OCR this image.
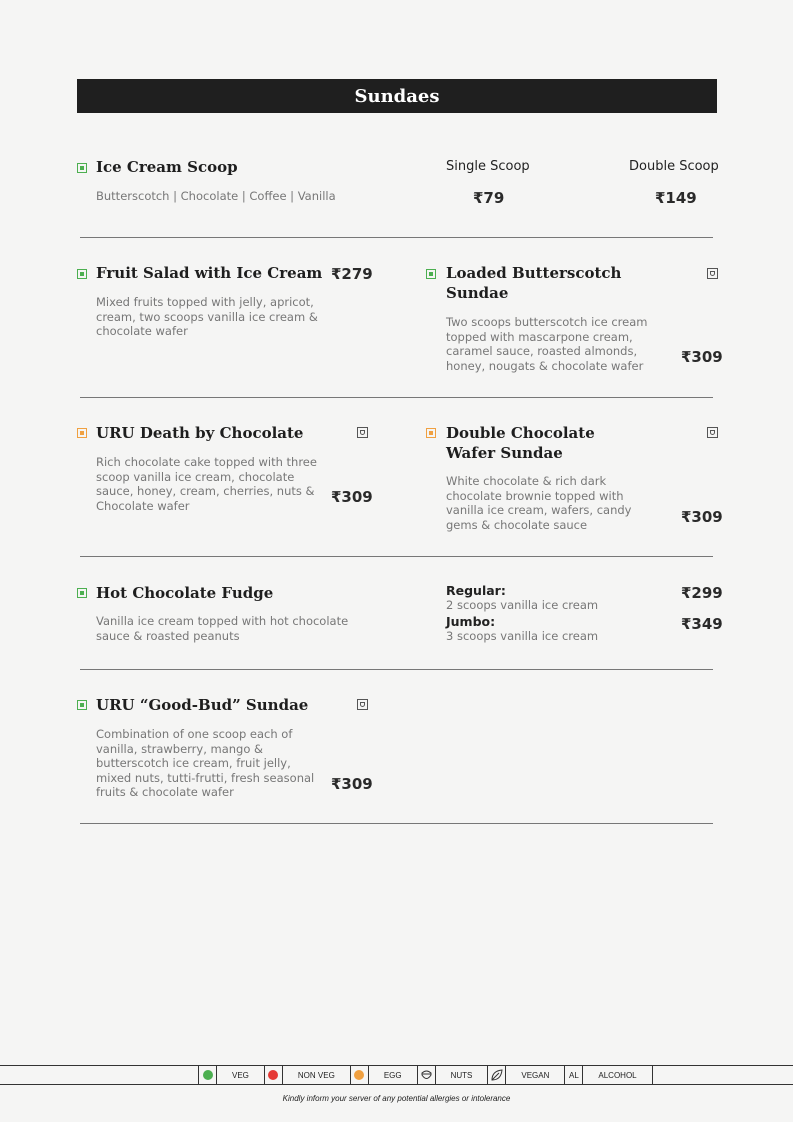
Sundaes
Ice Cream Scoop
Butterscotch | Chocolate | Coffee | Vanilla
Single Scoop	Double Scoop
₹79	₹149
Fruit Salad with Ice Cream ₹279
Mixed fruits topped with jelly, apricot, cream, two scoops vanilla ice cream & chocolate wafer
Loaded Butterscotch Sundae
Two scoops butterscotch ice cream topped with mascarpone cream, caramel sauce, roasted almonds, honey, nougats & chocolate wafer	₹309
URU Death by Chocolate
Rich chocolate cake topped with three scoop vanilla ice cream, chocolate sauce, honey, cream, cherries, nuts & Chocolate wafer	₹309
Double Chocolate Wafer Sundae
White chocolate & rich dark chocolate brownie topped with vanilla ice cream, wafers, candy gems & chocolate sauce	₹309
Hot Chocolate Fudge
Vanilla ice cream topped with hot chocolate sauce & roasted peanuts
Regular:
2 scoops vanilla ice cream
₹299
Jumbo:
3 scoops vanilla ice cream
₹349
URU “Good-Bud” Sundae
Combination of one scoop each of vanilla, strawberry, mango & butterscotch ice cream, fruit jelly, mixed nuts, tutti-frutti, fresh seasonal fruits & chocolate wafer	₹309
VEG	NON VEG	EGG	NUTS	VEGAN	AL	ALCOHOL
Kindly inform your server of any potential allergies or intolerance
